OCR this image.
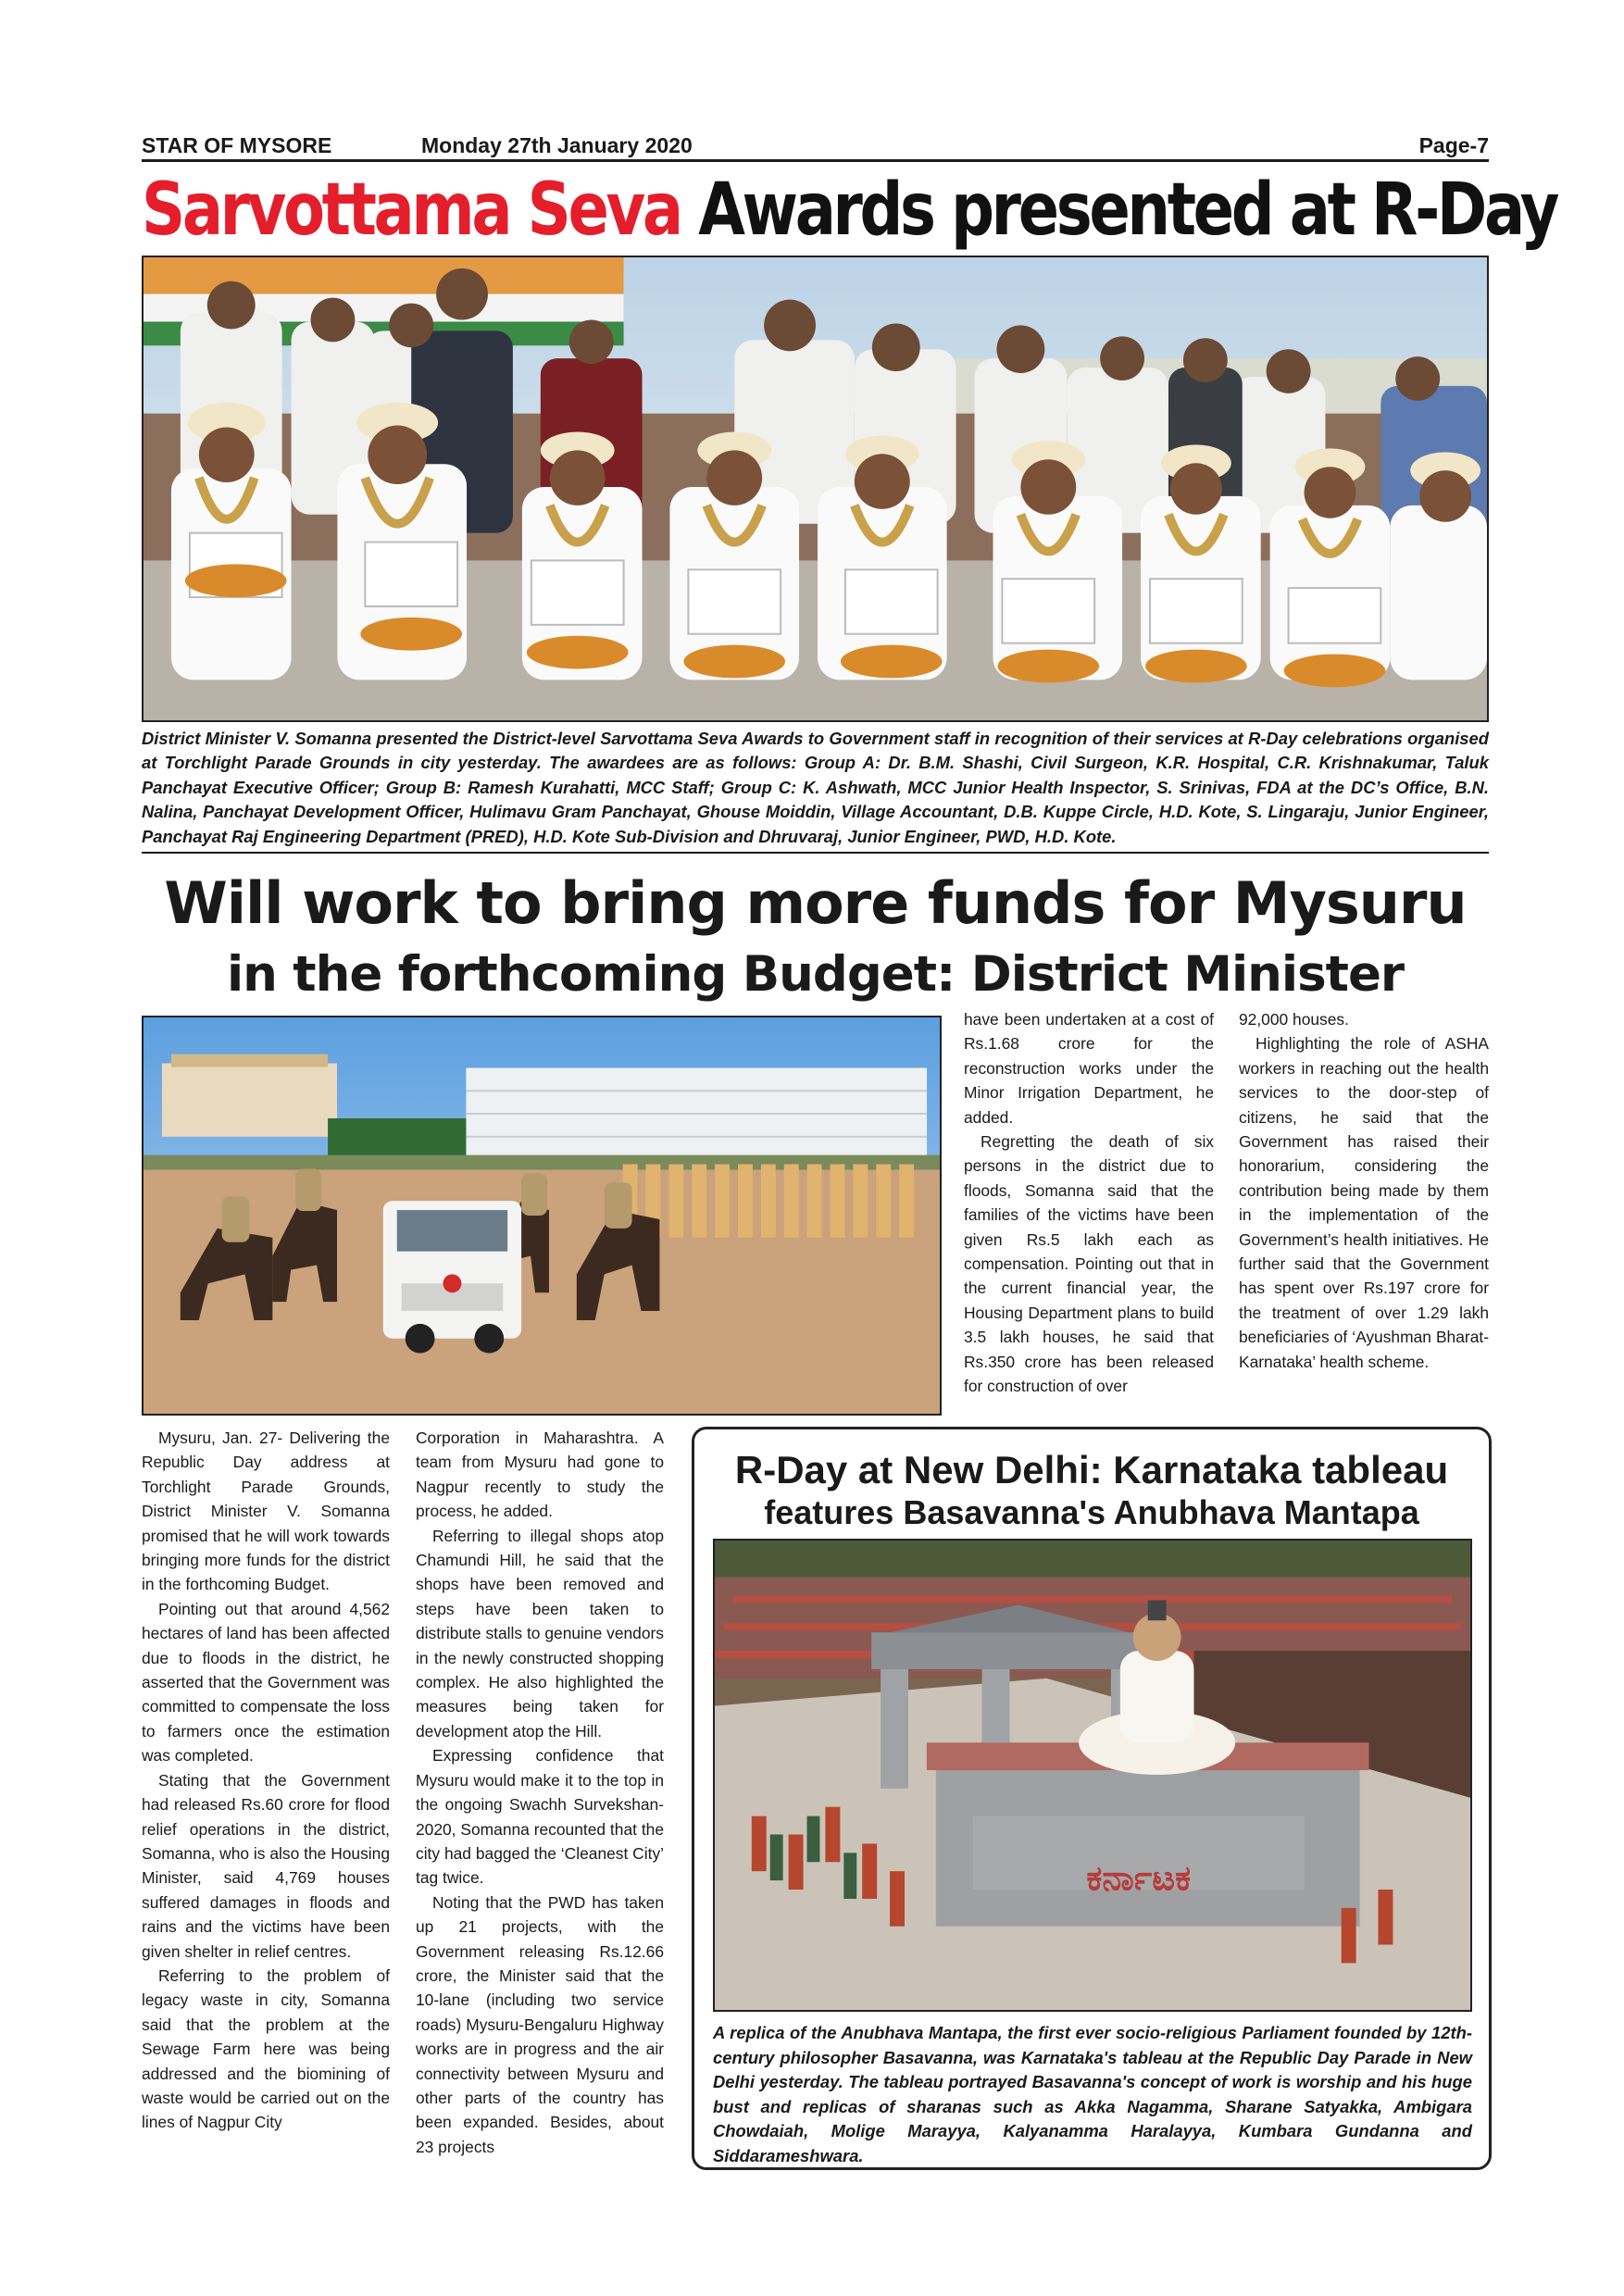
STAR OF MYSORE	Monday 27th January 2020	Page-7
Sarvottama Seva Awards presented at R-Day
District Minister V. Somanna presented the District-level Sarvottama Seva Awards to Government staff in recognition of their services at R-Day celebrations organised at Torchlight Parade Grounds in city yesterday. The awardees are as follows: Group A: Dr. B.M. Shashi, Civil Surgeon, K.R. Hospital, C.R. Krishnakumar, Taluk Panchayat Executive Officer; Group B: Ramesh Kurahatti, MCC Staff; Group C: K. Ashwath, MCC Junior Health Inspector, S. Srinivas, FDA at the DC’s Office, B.N. Nalina, Panchayat Development Officer, Hulimavu Gram Panchayat, Ghouse Moiddin, Village Accountant, D.B. Kuppe Circle, H.D. Kote, S. Lingaraju, Junior Engineer, Panchayat Raj Engineering Department (PRED), H.D. Kote Sub-Division and Dhruvaraj, Junior Engineer, PWD, H.D. Kote.
Will work to bring more funds for Mysuru
in the forthcoming Budget: District Minister

have been undertaken at a cost of Rs.1.68 crore for the reconstruction works under the Minor Irrigation Department, he added.

Regretting the death of six persons in the district due to floods, Somanna said that the families of the victims have been given Rs.5 lakh each as compensation. Pointing out that in the current financial year, the Housing Department plans to build 3.5 lakh houses, he said that Rs.350 crore has been released for construction of over

92,000 houses.

Highlighting the role of ASHA workers in reaching out the health services to the door-step of citizens, he said that the Government has raised their honorarium, considering the contribution being made by them in the implementation of the Government’s health initiatives. He further said that the Government has spent over Rs.197 crore for the treatment of over 1.29 lakh beneficiaries of ‘Ayushman Bharat-Karnataka’ health scheme.

Mysuru, Jan. 27- Delivering the Republic Day address at Torchlight Parade Grounds, District Minister V. Somanna promised that he will work towards bringing more funds for the district in the forthcoming Budget.

Pointing out that around 4,562 hectares of land has been affected due to floods in the district, he asserted that the Government was committed to compensate the loss to farmers once the estimation was completed.

Stating that the Government had released Rs.60 crore for flood relief operations in the district, Somanna, who is also the Housing Minister, said 4,769 houses suffered damages in floods and rains and the victims have been given shelter in relief centres.

Referring to the problem of legacy waste in city, Somanna said that the problem at the Sewage Farm here was being addressed and the biomining of waste would be carried out on the lines of Nagpur City

Corporation in Maharashtra. A team from Mysuru had gone to Nagpur recently to study the process, he added.

Referring to illegal shops atop Chamundi Hill, he said that the shops have been removed and steps have been taken to distribute stalls to genuine vendors in the newly constructed shopping complex. He also highlighted the measures being taken for development atop the Hill.

Expressing confidence that Mysuru would make it to the top in the ongoing Swachh Survekshan-2020, Somanna recounted that the city had bagged the ‘Cleanest City’ tag twice.

Noting that the PWD has taken up 21 projects, with the Government releasing Rs.12.66 crore, the Minister said that the 10-lane (including two service roads) Mysuru-Bengaluru Highway works are in progress and the air connectivity between Mysuru and other parts of the country has been expanded. Besides, about 23 projects

R-Day at New Delhi: Karnataka tableau
features Basavanna's Anubhava Mantapa
ಕರ್ನಾಟಕ
A replica of the Anubhava Mantapa, the first ever socio-religious Parliament founded by 12th-century philosopher Basavanna, was Karnataka's tableau at the Republic Day Parade in New Delhi yesterday. The tableau portrayed Basavanna's concept of work is worship and his huge bust and replicas of sharanas such as Akka Nagamma, Sharane Satyakka, Ambigara Chowdaiah, Molige Marayya, Kalyanamma Haralayya, Kumbara Gundanna and Siddarameshwara.
